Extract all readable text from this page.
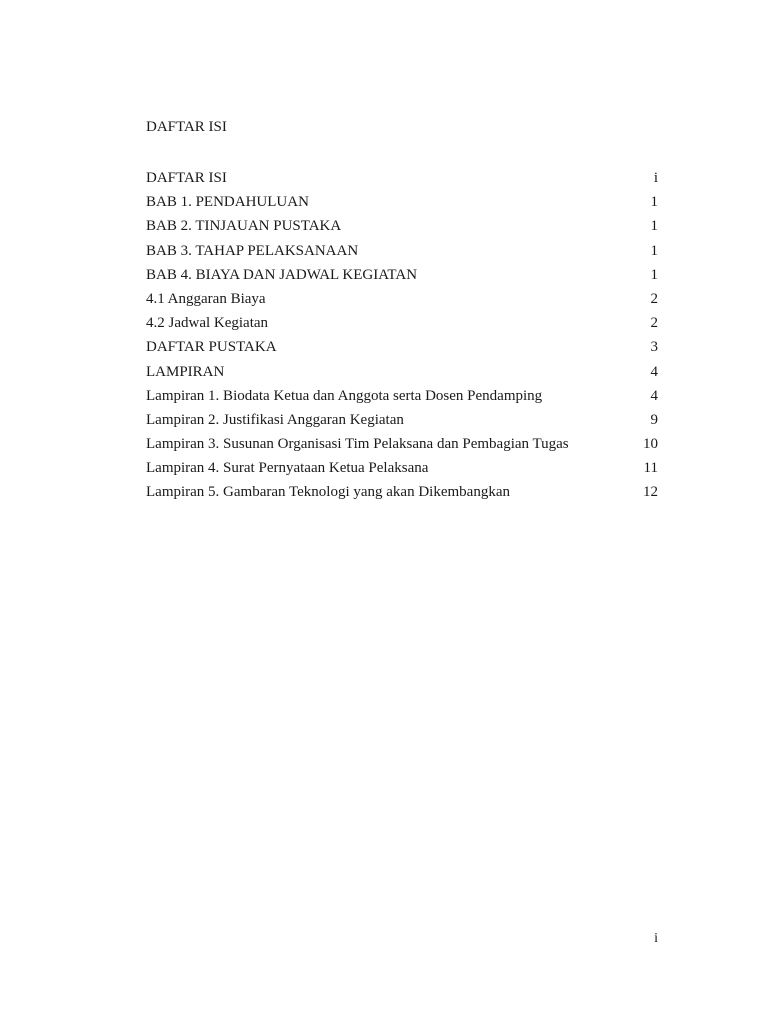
DAFTAR ISI
DAFTAR ISI	i
BAB 1. PENDAHULUAN	1
BAB 2. TINJAUAN PUSTAKA	1
BAB 3. TAHAP PELAKSANAAN	1
BAB 4. BIAYA DAN JADWAL KEGIATAN	1
4.1 Anggaran Biaya	2
4.2 Jadwal Kegiatan	2
DAFTAR PUSTAKA	3
LAMPIRAN	4
Lampiran 1. Biodata Ketua dan Anggota serta Dosen Pendamping	4
Lampiran 2. Justifikasi Anggaran Kegiatan	9
Lampiran 3. Susunan Organisasi Tim Pelaksana dan Pembagian Tugas	10
Lampiran 4. Surat Pernyataan Ketua Pelaksana	11
Lampiran 5. Gambaran Teknologi yang akan Dikembangkan	12
i
